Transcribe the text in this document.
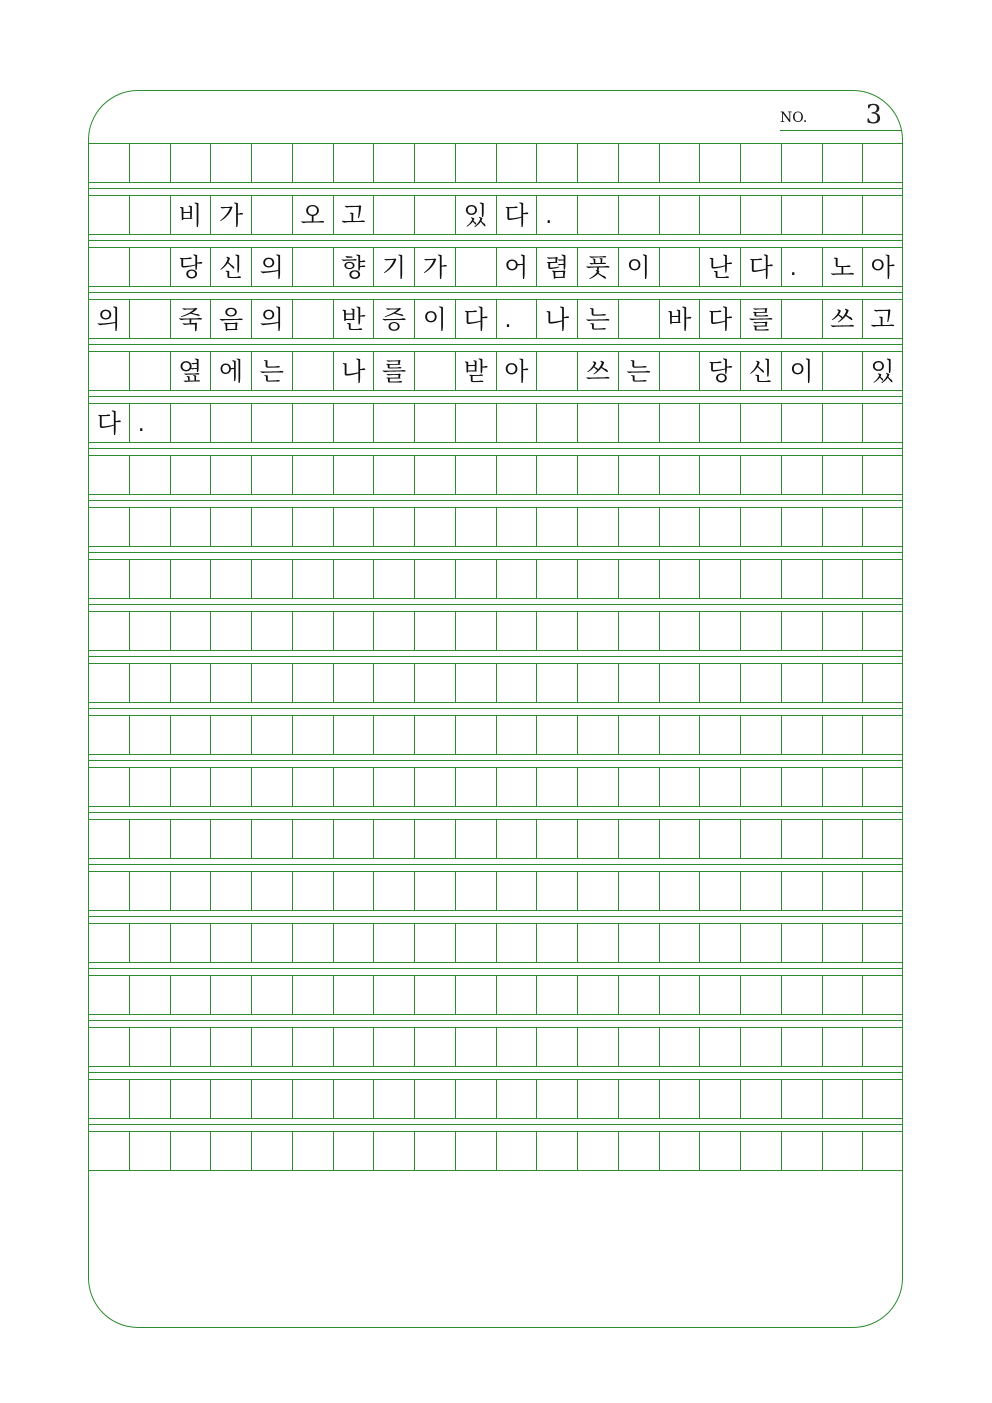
NO. 3
비 가	오 고	있 다 .
당 신 의	향 기 가	어 렴 풋 이	난 다 .	노 아
의	죽 음 의	반 증 이 다 .	나 는	바 다 를	쓰 고
옆 에 는	나 를	받 아	쓰 는	당 신 이	있
다 .
